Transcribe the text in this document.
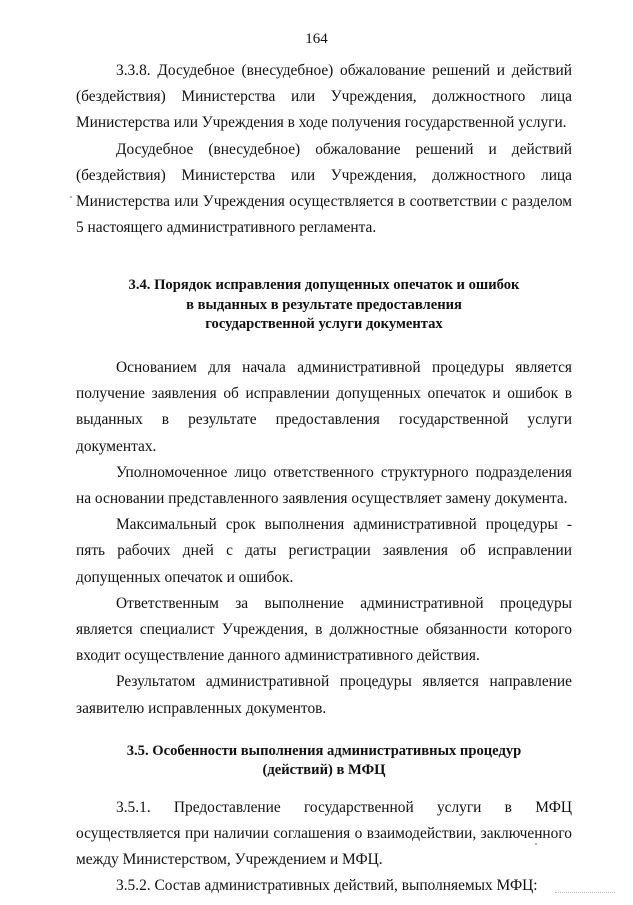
164

3.3.8. Досудебное (внесудебное) обжалование решений и действий (бездействия) Министерства или Учреждения, должностного лица Министерства или Учреждения в ходе получения государственной услуги.

Досудебное (внесудебное) обжалование решений и действий (бездействия) Министерства или Учреждения, должностного лица Министерства или Учреждения осуществляется в соответствии с разделом 5 настоящего административного регламента.

3.4. Порядок исправления допущенных опечаток и ошибок
в выданных в результате предоставления
государственной услуги документах

Основанием для начала административной процедуры является получение заявления об исправлении допущенных опечаток и ошибок в выданных в результате предоставления государственной услуги документах.

Уполномоченное лицо ответственного структурного подразделения на основании представленного заявления осуществляет замену документа.

Максимальный срок выполнения административной процедуры - пять рабочих дней с даты регистрации заявления об исправлении допущенных опечаток и ошибок.

Ответственным за выполнение административной процедуры является специалист Учреждения, в должностные обязанности которого входит осуществление данного административного действия.

Результатом административной процедуры является направление заявителю исправленных документов.

3.5. Особенности выполнения административных процедур
(действий) в МФЦ

3.5.1. Предоставление государственной услуги в МФЦ осуществляется при наличии соглашения о взаимодействии, заключенного между Министерством, Учреждением и МФЦ.

3.5.2. Состав административных действий, выполняемых МФЦ:
